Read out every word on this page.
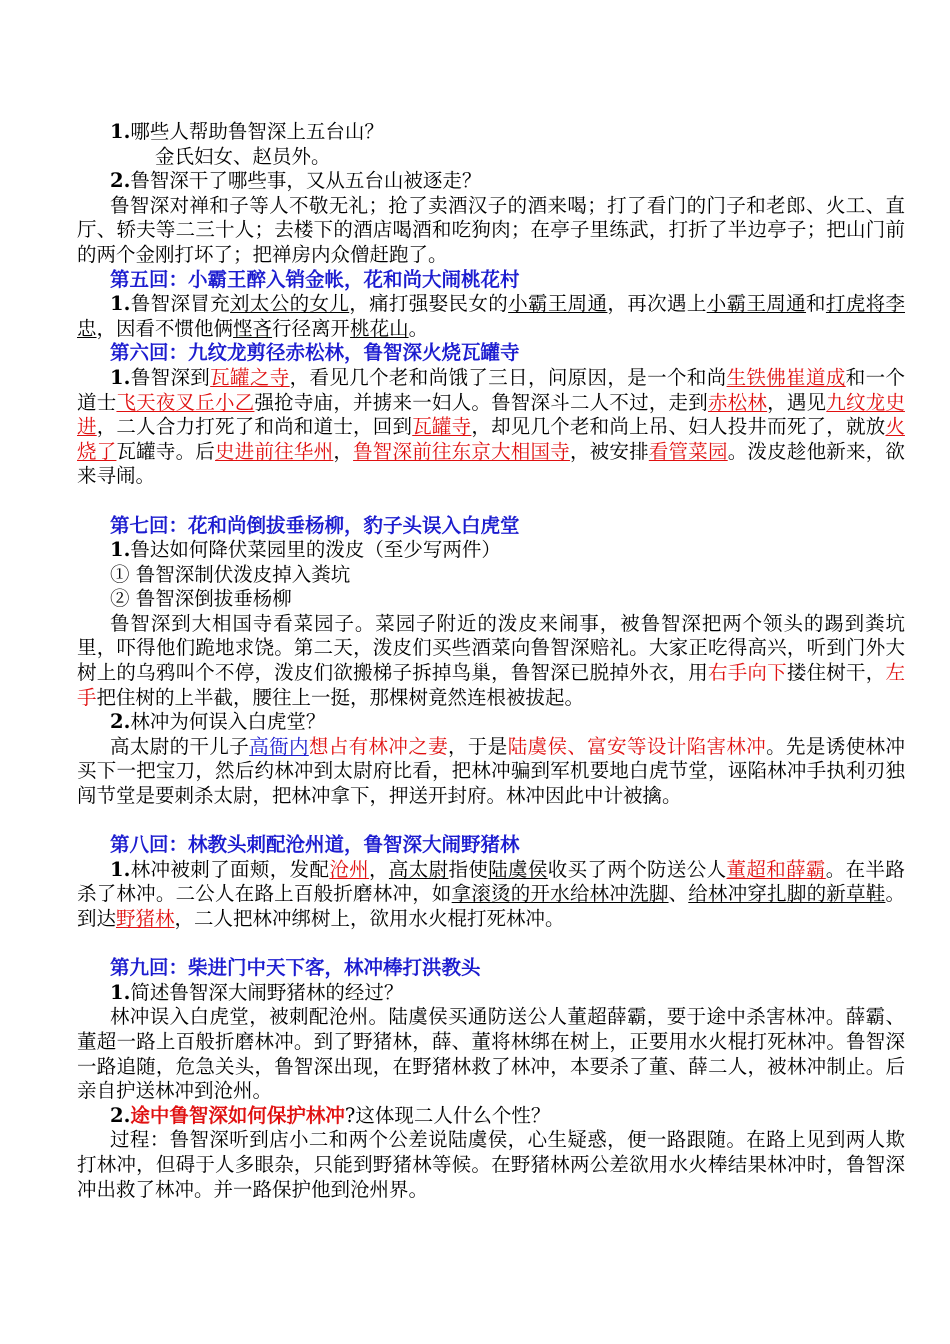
1.哪些人帮助鲁智深上五台山？

金氏妇女、赵员外。

2.鲁智深干了哪些事，又从五台山被逐走？

鲁智深对禅和子等人不敬无礼；抢了卖酒汉子的酒来喝；打了看门的门子和老郎、火工、直厅、轿夫等二三十人；去楼下的酒店喝酒和吃狗肉；在亭子里练武，打折了半边亭子；把山门前的两个金刚打坏了；把禅房内众僧赶跑了。

第五回：小霸王醉入销金帐，花和尚大闹桃花村

1.鲁智深冒充刘太公的女儿，痛打强娶民女的小霸王周通，再次遇上小霸王周通和打虎将李忠，因看不惯他俩悭吝行径离开桃花山。

第六回：九纹龙剪径赤松林，鲁智深火烧瓦罐寺

1.鲁智深到瓦罐之寺，看见几个老和尚饿了三日，问原因，是一个和尚生铁佛崔道成和一个道士飞天夜叉丘小乙强抢寺庙，并掳来一妇人。鲁智深斗二人不过，走到赤松林，遇见九纹龙史进，二人合力打死了和尚和道士，回到瓦罐寺，却见几个老和尚上吊、妇人投井而死了，就放火烧了瓦罐寺。后史进前往华州，鲁智深前往东京大相国寺，被安排看管菜园。泼皮趁他新来，欲来寻闹。

第七回：花和尚倒拔垂杨柳，豹子头误入白虎堂

1.鲁达如何降伏菜园里的泼皮（至少写两件）

① 鲁智深制伏泼皮掉入粪坑

② 鲁智深倒拔垂杨柳

鲁智深到大相国寺看菜园子。菜园子附近的泼皮来闹事，被鲁智深把两个领头的踢到粪坑里，吓得他们跪地求饶。第二天，泼皮们买些酒菜向鲁智深赔礼。大家正吃得高兴，听到门外大树上的乌鸦叫个不停，泼皮们欲搬梯子拆掉鸟巢，鲁智深已脱掉外衣，用右手向下搂住树干，左手把住树的上半截，腰往上一挺，那棵树竟然连根被拔起。

2.林冲为何误入白虎堂？

高太尉的干儿子高衙内想占有林冲之妻，于是陆虞侯、富安等设计陷害林冲。先是诱使林冲买下一把宝刀，然后约林冲到太尉府比看，把林冲骗到军机要地白虎节堂，诬陷林冲手执利刃独闯节堂是要刺杀太尉，把林冲拿下，押送开封府。林冲因此中计被擒。

第八回：林教头刺配沧州道，鲁智深大闹野猪林

1.林冲被刺了面颊，发配沧州，高太尉指使陆虞侯收买了两个防送公人董超和薛霸。在半路杀了林冲。二公人在路上百般折磨林冲，如拿滚烫的开水给林冲洗脚、给林冲穿扎脚的新草鞋。到达野猪林，二人把林冲绑树上，欲用水火棍打死林冲。

第九回：柴进门中天下客，林冲棒打洪教头

1.简述鲁智深大闹野猪林的经过？

林冲误入白虎堂，被刺配沧州。陆虞侯买通防送公人董超薛霸，要于途中杀害林冲。薛霸、董超一路上百般折磨林冲。到了野猪林，薛、董将林绑在树上，正要用水火棍打死林冲。鲁智深一路追随，危急关头，鲁智深出现，在野猪林救了林冲，本要杀了董、薛二人，被林冲制止。后亲自护送林冲到沧州。

2.途中鲁智深如何保护林冲?这体现二人什么个性？

过程：鲁智深听到店小二和两个公差说陆虞侯，心生疑惑，便一路跟随。在路上见到两人欺打林冲，但碍于人多眼杂，只能到野猪林等候。在野猪林两公差欲用水火棒结果林冲时，鲁智深冲出救了林冲。并一路保护他到沧州界。
